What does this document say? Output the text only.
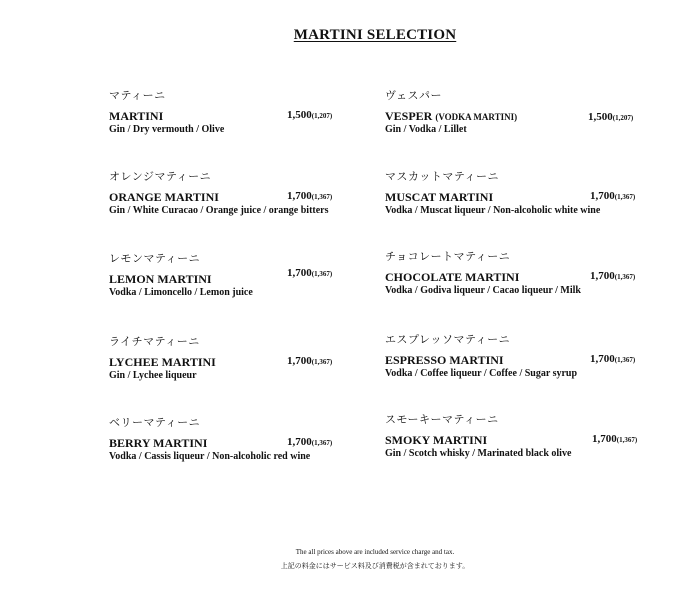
MARTINI SELECTION
マティーニ
MARTINI	1,500(1,207)
Gin / Dry vermouth / Olive
オレンジマティーニ
ORANGE MARTINI	1,700(1,367)
Gin / White Curacao / Orange juice / orange bitters
レモンマティーニ
LEMON MARTINI	1,700(1,367)
Vodka / Limoncello / Lemon juice
ライチマティーニ
LYCHEE MARTINI	1,700(1,367)
Gin / Lychee liqueur
ベリーマティーニ
BERRY MARTINI	1,700(1,367)
Vodka / Cassis liqueur / Non-alcoholic red wine
ヴェスパー
VESPER (VODKA MARTINI)	1,500(1,207)
Gin / Vodka / Lillet
マスカットマティーニ
MUSCAT MARTINI	1,700(1,367)
Vodka / Muscat liqueur / Non-alcoholic white wine
チョコレートマティーニ
CHOCOLATE MARTINI	1,700(1,367)
Vodka / Godiva liqueur / Cacao liqueur / Milk
エスプレッソマティーニ
ESPRESSO MARTINI	1,700(1,367)
Vodka / Coffee liqueur / Coffee / Sugar syrup
スモーキーマティーニ
SMOKY MARTINI	1,700(1,367)
Gin / Scotch whisky / Marinated black olive
The all prices above are included service charge and tax.
上記の料金にはサービス料及び消費税が含まれております。
